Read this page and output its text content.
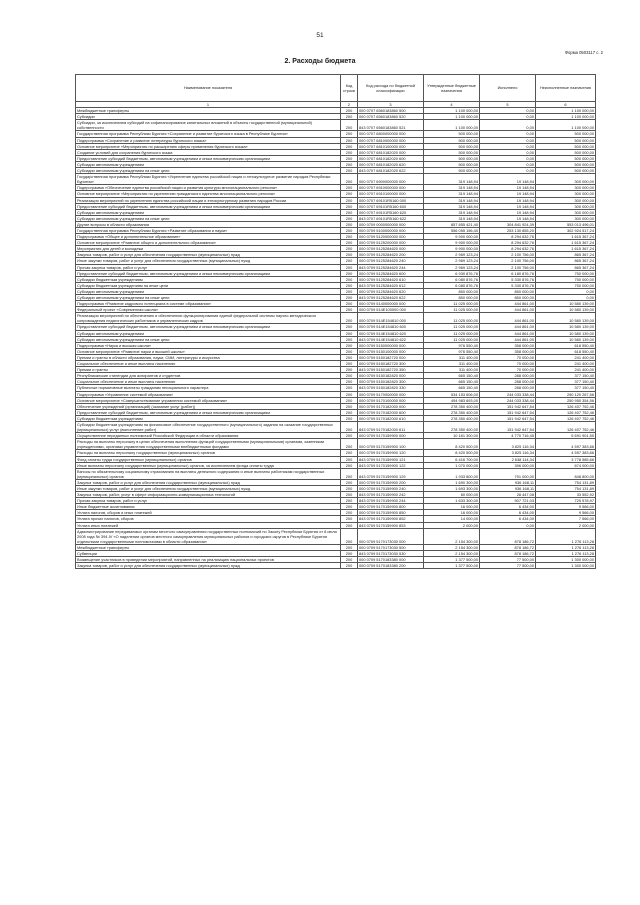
51
Форма 0503117 с. 2
2. Расходы бюджета
Наименование показателя	Код строки	Код расхода по бюджетной классификации	Утвержденные бюджетные назначения	Исполнено	Неисполненные назначения
1	2	3	4	5	6
Межбюджетные трансферты	200	000 0707 6560183860 500	1 100 000,00	0,00	1 100 000,00
Субсидии	200	000 0707 6560183860 520	1 100 000,00	0,00	1 100 000,00
Субсидии, за исключением субсидий на софинансирование капитальных вложений в объекты государственной (муниципальной) собственности	200	843 0707 6560183860 521	1 100 000,00	0,00	1 100 000,00
Государственная программа Республики Бурятия «Сохранение и развитие бурятского языка в Республике Бурятия»	200	000 0707 6800000000 000	500 000,00	0,00	500 000,00
Подпрограмма «Сохранение и развитие литературы бурятского языка»	200	000 0707 6810000000 000	500 000,00	0,00	500 000,00
Основное мероприятие «Мероприятия по расширению сферы применения бурятского языка»	200	000 0707 6810100000 000	500 000,00	0,00	500 000,00
Создание условий для сохранения бурятского языка	200	000 0707 6810182020 000	500 000,00	0,00	500 000,00
Предоставление субсидий бюджетным, автономным учреждениям и иным некоммерческим организациям	200	000 0707 6810182020 600	500 000,00	0,00	500 000,00
Субсидии автономным учреждениям	200	000 0707 6810182020 620	500 000,00	0,00	500 000,00
Субсидии автономным учреждениям на иные цели	200	843 0707 6810182020 622	500 000,00	0,00	500 000,00
Государственная программа Республики Бурятия «Укрепление единства российской нации и этнокультурное развитие народов Республики Бурятия»	200	000 0707 6900000000 000	319 148,94	19 148,94	300 000,00
Подпрограмма «Обеспечение единства российской нации и развития культуры многонационального региона»	200	000 0707 6910000000 000	319 148,94	19 148,94	300 000,00
Основное мероприятие «Мероприятия по укреплению гражданского единства многонационального региона»	200	000 0707 6910100000 000	319 148,94	19 148,94	300 000,00
Реализация мероприятий по укреплению единства российской нации и этнокультурному развитию народов России	200	000 0707 69101R5160 000	319 148,94	19 148,94	300 000,00
Предоставление субсидий бюджетным, автономным учреждениям и иным некоммерческим организациям	200	000 0707 69101R5160 600	319 148,94	19 148,94	300 000,00
Субсидии автономным учреждениям	200	000 0707 69101R5160 620	319 148,94	19 148,94	300 000,00
Субсидии автономным учреждениям на иные цели	200	843 0707 69101R5160 622	319 148,94	19 148,94	300 000,00
Другие вопросы в области образования	200	000 0709 0000000000 000	857 855 421,40	304 841 924,39	553 013 496,01
Государственная программа Республики Бурятия «Развитие образования и науки»	200	000 0709 5100000000 000	556 055 156,40	253 130 855,20	302 924 517,24
Подпрограмма «Общее и дополнительное образование»	200	000 0709 5120000000 000	9 900 000,00	8 294 632,76	1 615 367,24
Основное мероприятие «Развитие общего и дополнительного образования»	200	000 0709 5125200000 000	9 900 000,00	8 294 632,76	1 615 367,24
Мероприятия для детей и молодежи	200	000 0709 5125284620 000	9 900 000,00	8 294 632,76	1 615 367,24
Закупка товаров, работ и услуг для обеспечения государственных (муниципальных) нужд	200	000 0709 5125284620 200	2 969 123,24	2 100 756,00	865 367,24
Иные закупки товаров, работ и услуг для обеспечения государственных (муниципальных) нужд	200	000 0709 5125284620 240	2 969 123,24	2 100 756,00	865 367,24
Прочая закупка товаров, работ и услуг	200	843 0709 5125284620 244	2 969 123,24	2 100 756,00	865 367,24
Предоставление субсидий бюджетным, автономным учреждениям и иным некоммерческим организациям	200	000 0709 5125284620 600	6 930 876,76	6 180 876,76	750 000,00
Субсидии бюджетным учреждениям	200	000 0709 5125284620 610	6 080 876,76	5 330 876,76	750 000,00
Субсидии бюджетным учреждениям на иные цели	200	843 0709 5125284620 612	6 080 876,76	5 330 876,76	750 000,00
Субсидии автономным учреждениям	200	000 0709 5125284620 620	850 000,00	850 000,00	0,00
Субсидии автономным учреждениям на иные цели	200	843 0709 5125284620 622	850 000,00	850 000,00	0,00
Подпрограмма «Развитие кадрового потенциала в системе образования»	200	000 0709 5140000000 000	11 025 000,00	444 861,00	10 580 139,00
Федеральный проект «Современная школа»	200	000 0709 514E100000 000	11 025 000,00	444 861,00	10 580 139,00
Реализация мероприятий по обеспечению и обеспечению функционирования единой федеральной системы научно-методического сопровождения педагогических работников и управленческих кадров	200	000 0709 514E154810 000	11 025 000,00	444 861,00	10 580 139,00
Предоставление субсидий бюджетным, автономным учреждениям и иным некоммерческим организациям	200	000 0709 514E154810 600	11 025 000,00	444 861,00	10 580 139,00
Субсидии автономным учреждениям	200	000 0709 514E154810 620	11 025 000,00	444 861,00	10 580 139,00
Субсидии автономным учреждениям на иные цели	200	843 0709 514E154810 622	11 025 000,00	444 861,00	10 580 139,00
Подпрограмма «Наука и высшая школа»	200	000 0709 5150000000 000	976 550,40	358 000,00	618 550,40
Основное мероприятие «Развитие науки и высшей школы»	200	000 0709 5150100000 000	976 550,40	358 000,00	618 550,40
Премии и гранты в области образования, науки, СМИ, литературы и искусства	200	000 0709 5150182720 000	311 400,00	70 000,00	241 400,00
Социальное обеспечение и иные выплаты населению	200	000 0709 5150182720 300	311 400,00	70 000,00	241 400,00
Премии и гранты	200	843 0709 5150182720 350	311 400,00	70 000,00	241 400,00
Республиканские стипендии для аспирантов и студентов	200	000 0709 5150182820 000	665 150,40	288 000,00	377 150,40
Социальное обеспечение и иные выплаты населению	200	000 0709 5150182820 300	665 150,40	288 000,00	377 150,40
Публичные нормативные выплаты гражданам несоциального характера	200	843 0709 5150182820 330	665 150,40	288 000,00	377 150,40
Подпрограмма «Управление системой образования»	200	000 0709 5170000000 000	534 153 606,00	244 033 338,44	290 120 267,56
Основное мероприятие «Совершенствование управления системой образования»	200	000 0709 5170100000 000	494 983 693,00	244 033 338,44	250 950 354,56
Обеспечение учреждений (организаций) (оказание услуг (работ))	200	000 0709 5170182000 000	278 350 400,00	151 942 647,54	126 407 752,46
Предоставление субсидий бюджетным, автономным учреждениям и иным некоммерческим организациям	200	000 0709 5170182000 600	278 350 400,00	151 942 647,54	126 407 752,46
Субсидии бюджетным учреждениям	200	000 0709 5170182000 610	278 350 400,00	151 942 647,54	126 407 752,46
Субсидии бюджетным учреждениям на финансовое обеспечение государственного (муниципального) задания на оказание государственных (муниципальных) услуг (выполнение работ)	200	843 0709 5170182000 611	278 350 400,00	151 942 647,54	126 407 752,46
Осуществление переданных полномочий Российской Федерации в области образования	200	000 0709 5170159900 000	10 181 300,00	4 770 716,45	5 691 901,55
Расходы на выплаты персоналу в целях обеспечения выполнения функций государственными (муниципальными) органами, казенными учреждениями, органами управления государственными внебюджетными фондами	200	000 0709 5170159900 100	8 420 500,00	3 825 116,34	4 597 383,66
Расходы на выплаты персоналу государственных (муниципальных) органов	200	000 0709 5170159900 120	8 420 500,00	3 825 116,34	4 597 383,66
Фонд оплаты труда государственных (муниципальных) органов	200	843 0709 5170159900 121	6 416 700,00	2 638 114,34	3 778 585,66
Иные выплаты персоналу государственных (муниципальных) органов, за исключением фонда оплаты труда	200	843 0709 5170159900 122	1 070 000,00	396 000,00	674 000,00
Взносы по обязательному социальному страхованию на выплаты денежного содержания и иные выплаты работникам государственных (муниципальных) органов	200	843 0709 5170159900 129	1 933 800,00	791 000,00	848 800,00
Закупка товаров, работ и услуг для обеспечения государственных (муниципальных) нужд	200	000 0709 5170159900 200	1 690 300,00	936 168,11	754 131,89
Иные закупки товаров, работ и услуг для обеспечения государственных (муниципальных) нужд	200	000 0709 5170159900 240	1 693 300,00	936 168,11	754 131,89
Закупка товаров, работ, услуг в сфере информационно-коммуникационных технологий	200	843 0709 5170159900 242	60 000,00	28 447,08	33 552,92
Прочая закупка товаров, работ и услуг	200	843 0709 5170159900 244	1 633 300,00	907 721,03	725 578,97
Иные бюджетные ассигнования	200	000 0709 5170159900 800	16 000,00	6 434,00	9 566,00
Уплата налогов, сборов и иных платежей	200	000 0709 5170159900 850	16 000,00	6 434,00	9 566,00
Уплата прочих налогов, сборов	200	843 0709 5170159900 852	14 000,00	6 434,00	7 566,00
Уплата иных платежей	200	843 0709 5170159900 853	2 000,00	0,00	2 000,00
Администрирование передаваемых органам местного самоуправления государственных полномочий по Закону Республики Бурятия от 8 июля 2008 года № 394-IV «О наделении органов местного самоуправления муниципальных районов и городских округов в Республике Бурятия отдельными государственными полномочиями в области образования»	200	000 0709 5170173030 000	2 154 300,00	878 186,72	1 276 113,28
Межбюджетные трансферты	200	000 0709 5170173030 500	2 154 300,00	878 186,72	1 276 113,28
Субвенции	200	843 0709 5170173030 530	2 154 300,00	878 186,72	1 276 113,28
Возмещение участников в проведении мероприятий, направленных на реализацию национальных проектов	200	000 0709 5170183380 000	1 377 500,00	77 500,00	1 300 000,00
Закупка товаров, работ и услуг для обеспечения государственных (муниципальных) нужд	200	000 0709 5170183380 200	1 377 500,00	77 500,00	1 300 000,00
